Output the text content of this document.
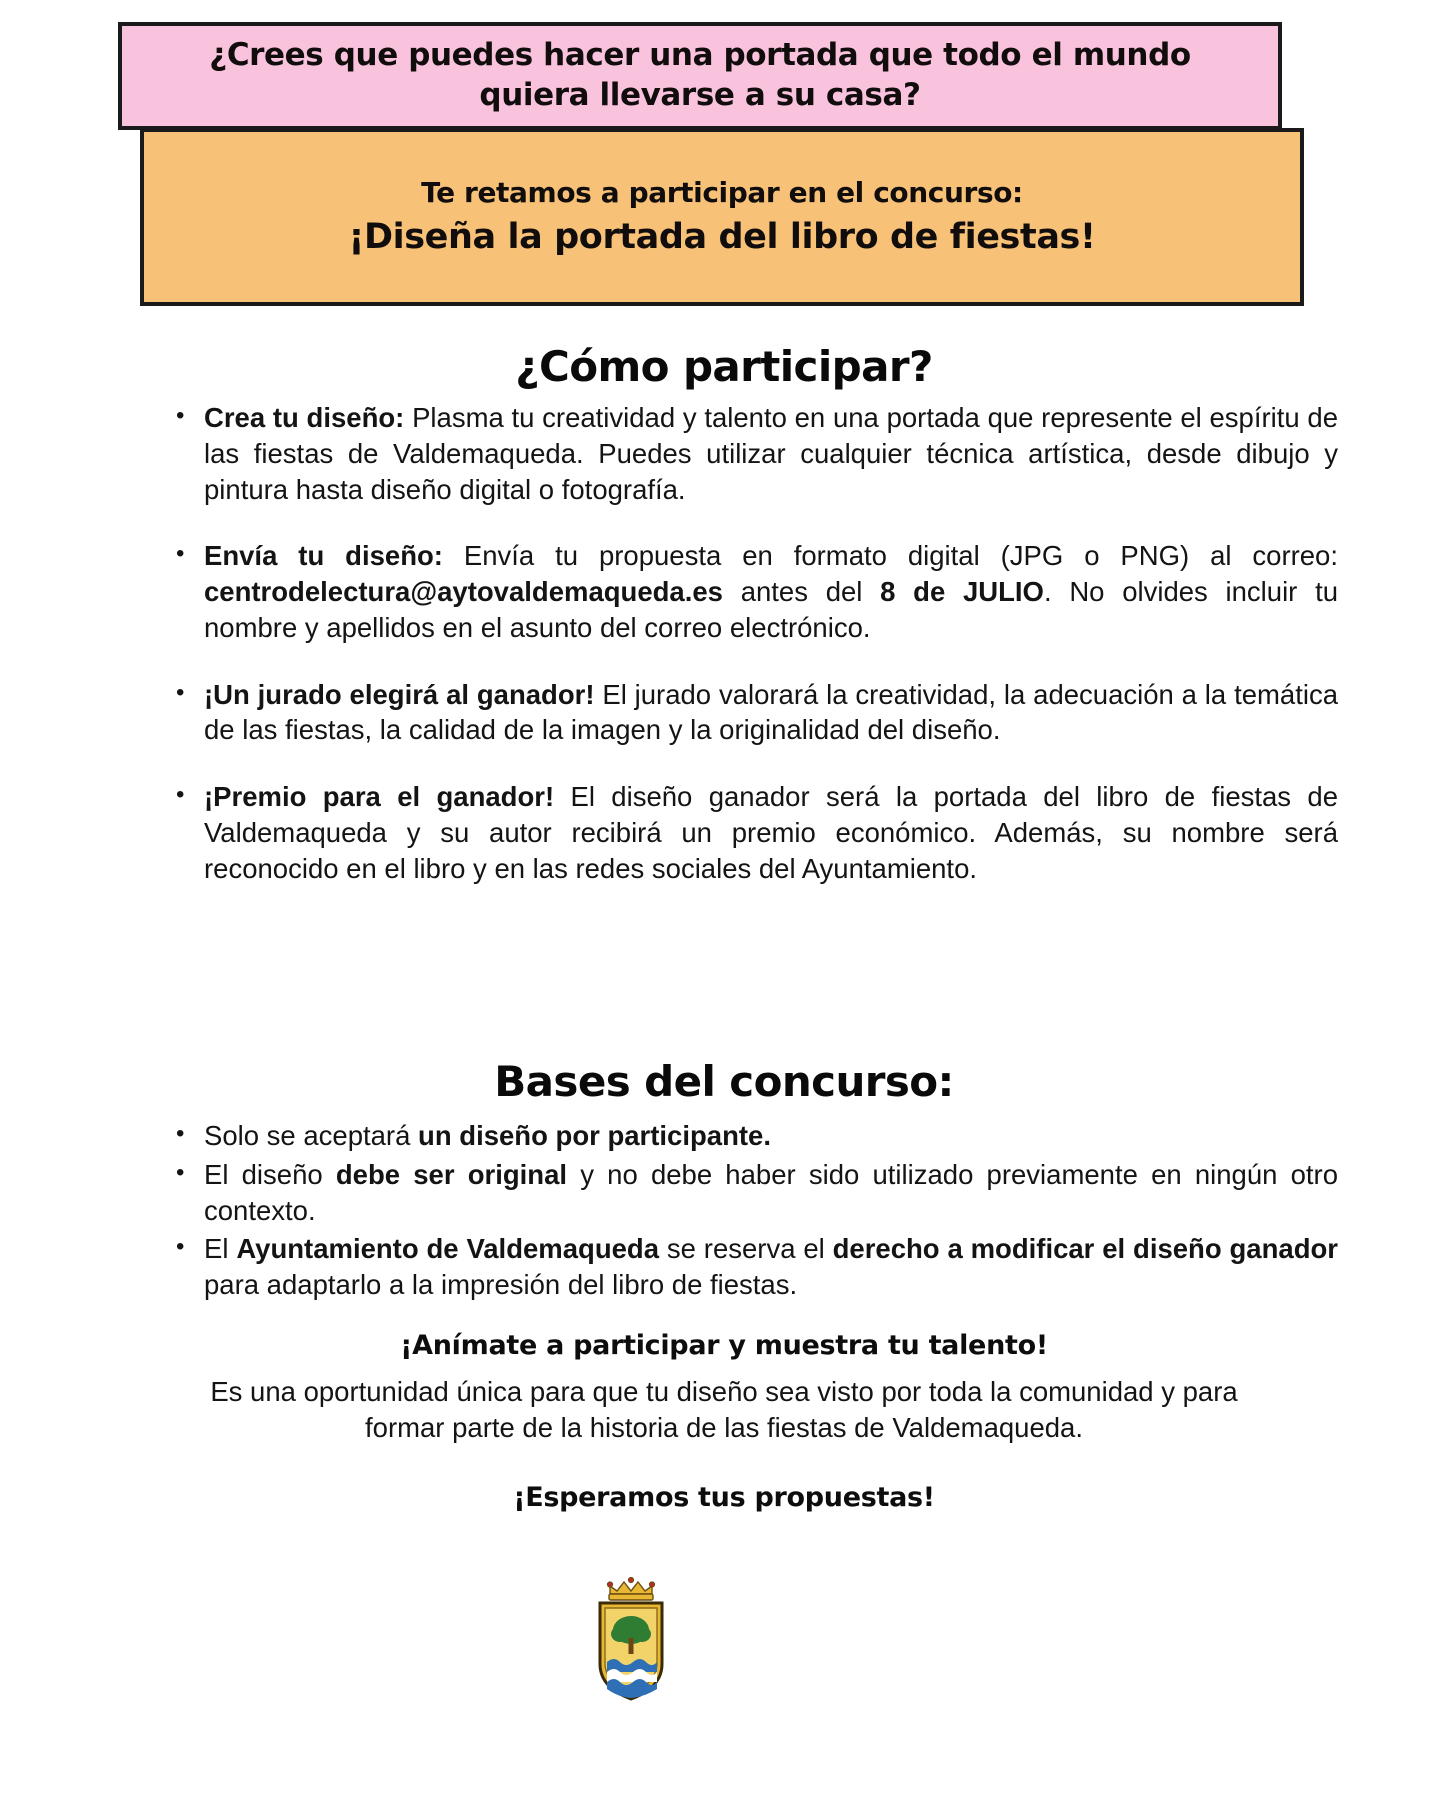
¿Crees que puedes hacer una portada que todo el mundo
quiera llevarse a su casa?
Te retamos a participar en el concurso:
¡Diseña la portada del libro de fiestas!
¿Cómo participar?
• Crea tu diseño: Plasma tu creatividad y talento en una portada que represente el espíritu de las fiestas de Valdemaqueda. Puedes utilizar cualquier técnica artística, desde dibujo y pintura hasta diseño digital o fotografía.
• Envía tu diseño: Envía tu propuesta en formato digital (JPG o PNG) al correo: centrodelectura@aytovaldemaqueda.es antes del 8 de JULIO. No olvides incluir tu nombre y apellidos en el asunto del correo electrónico.
• ¡Un jurado elegirá al ganador! El jurado valorará la creatividad, la adecuación a la temática de las fiestas, la calidad de la imagen y la originalidad del diseño.
• ¡Premio para el ganador! El diseño ganador será la portada del libro de fiestas de Valdemaqueda y su autor recibirá un premio económico. Además, su nombre será reconocido en el libro y en las redes sociales del Ayuntamiento.
Bases del concurso:
• Solo se aceptará un diseño por participante.
• El diseño debe ser original y no debe haber sido utilizado previamente en ningún otro contexto.
• El Ayuntamiento de Valdemaqueda se reserva el derecho a modificar el diseño ganador para adaptarlo a la impresión del libro de fiestas.
¡Anímate a participar y muestra tu talento!
Es una oportunidad única para que tu diseño sea visto por toda la comunidad y para
formar parte de la historia de las fiestas de Valdemaqueda.
¡Esperamos tus propuestas!
